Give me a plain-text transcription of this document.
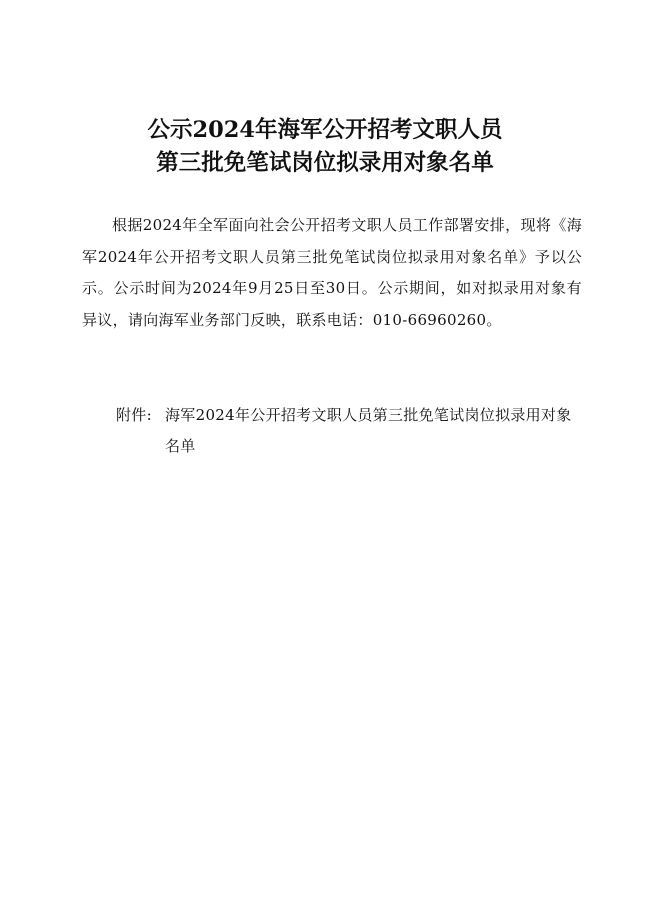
公示2024年海军公开招考文职人员
第三批免笔试岗位拟录用对象名单

根据2024年全军面向社会公开招考文职人员工作部署安排，现将《海军2024年公开招考文职人员第三批免笔试岗位拟录用对象名单》予以公示。公示时间为2024年9月25日至30日。公示期间，如对拟录用对象有异议，请向海军业务部门反映，联系电话：010-66960260。

附件: 海军2024年公开招考文职人员第三批免笔试岗位拟录用对象名单
